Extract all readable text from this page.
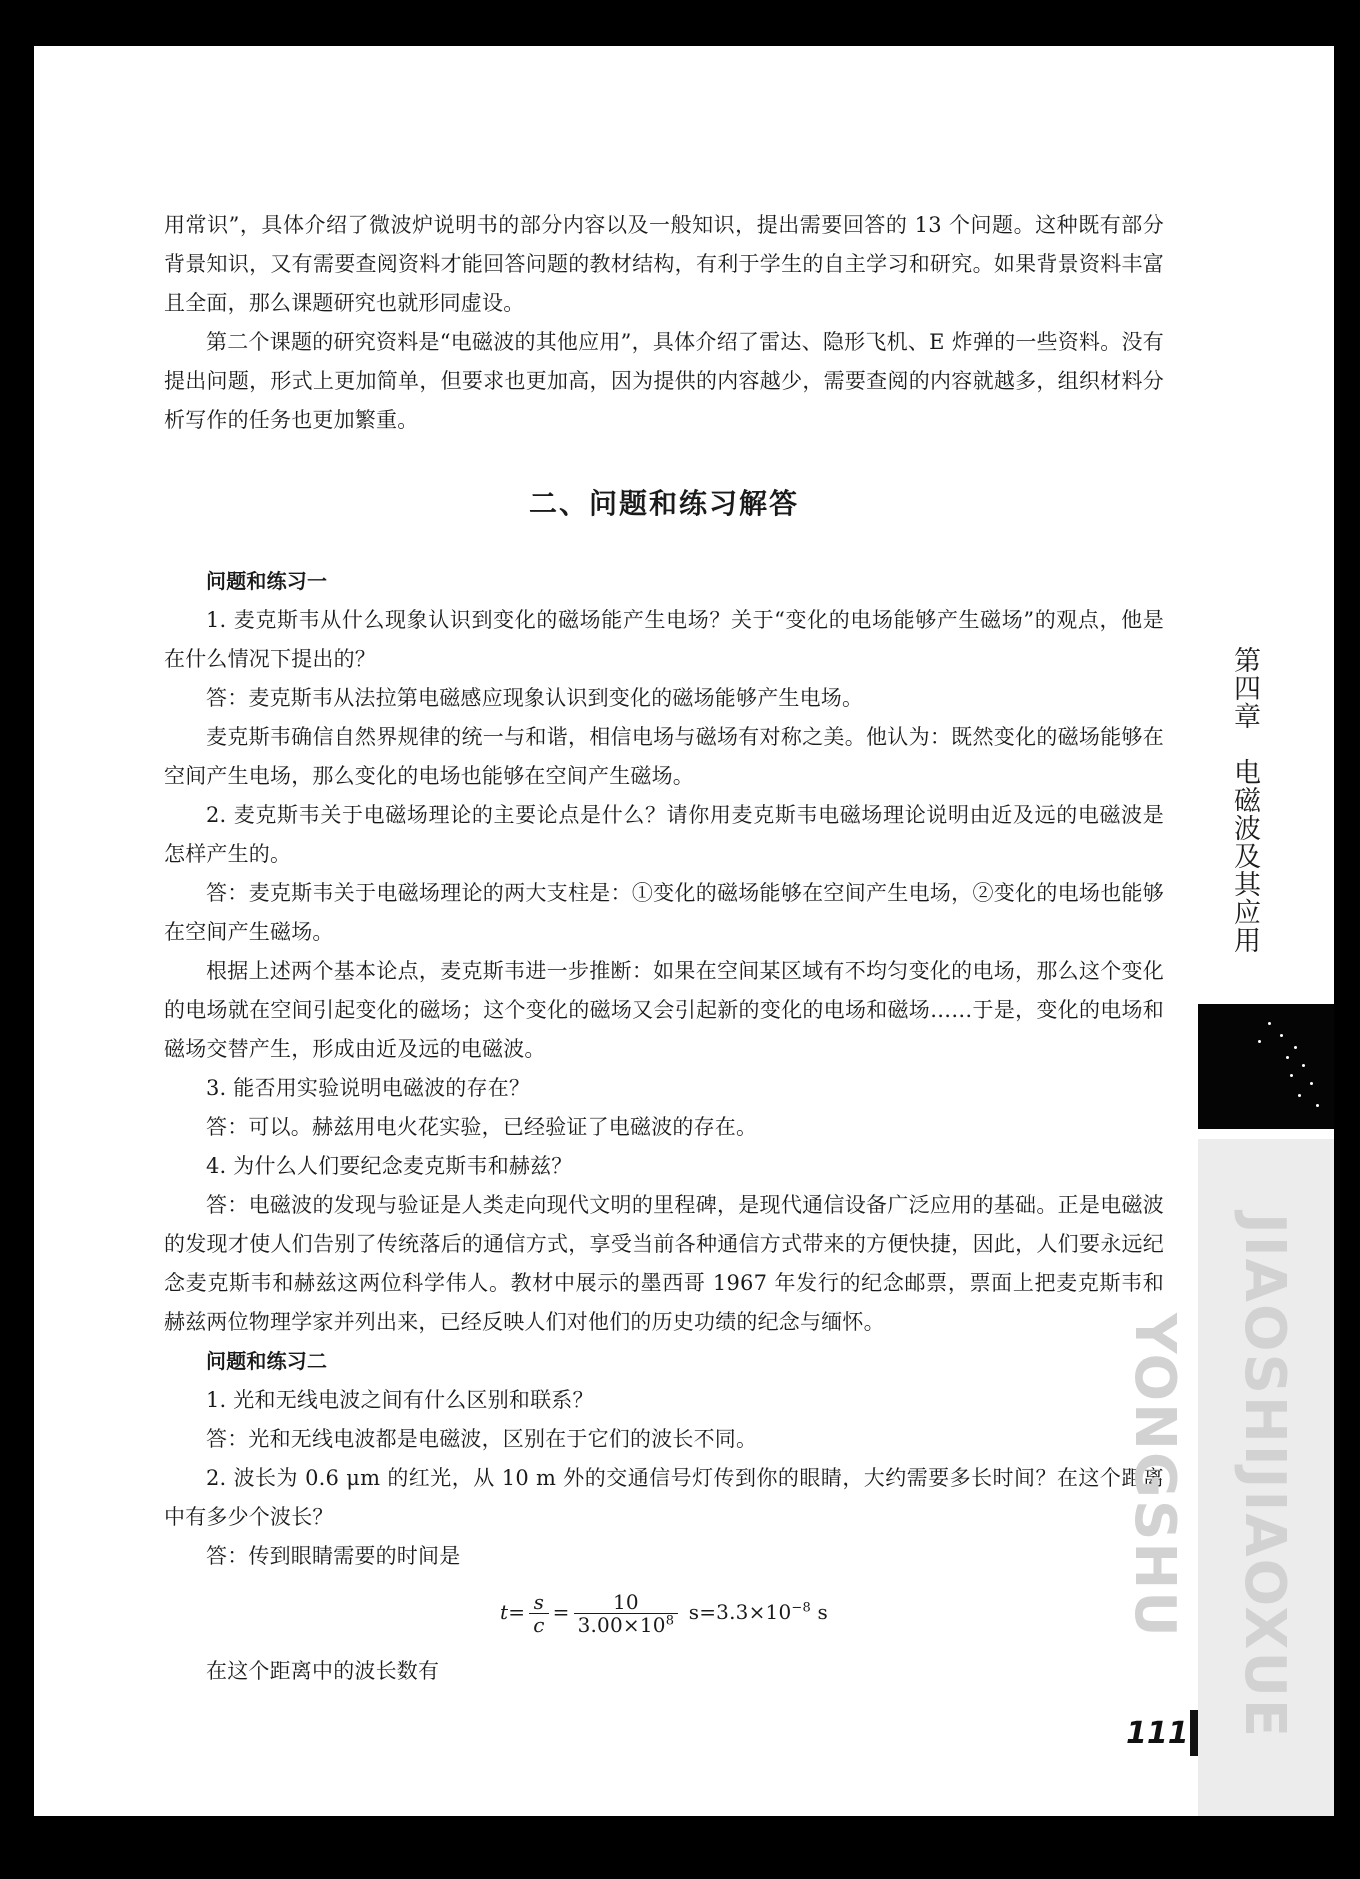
用常识”，具体介绍了微波炉说明书的部分内容以及一般知识，提出需要回答的 13 个问题。这种既有部分背景知识，又有需要查阅资料才能回答问题的教材结构，有利于学生的自主学习和研究。如果背景资料丰富且全面，那么课题研究也就形同虚设。

第二个课题的研究资料是“电磁波的其他应用”，具体介绍了雷达、隐形飞机、E 炸弹的一些资料。没有提出问题，形式上更加简单，但要求也更加高，因为提供的内容越少，需要查阅的内容就越多，组织材料分析写作的任务也更加繁重。

二、问题和练习解答
问题和练习一

1. 麦克斯韦从什么现象认识到变化的磁场能产生电场？关于“变化的电场能够产生磁场”的观点，他是在什么情况下提出的？

答：麦克斯韦从法拉第电磁感应现象认识到变化的磁场能够产生电场。

麦克斯韦确信自然界规律的统一与和谐，相信电场与磁场有对称之美。他认为：既然变化的磁场能够在空间产生电场，那么变化的电场也能够在空间产生磁场。

2. 麦克斯韦关于电磁场理论的主要论点是什么？请你用麦克斯韦电磁场理论说明由近及远的电磁波是怎样产生的。

答：麦克斯韦关于电磁场理论的两大支柱是：①变化的磁场能够在空间产生电场，②变化的电场也能够在空间产生磁场。

根据上述两个基本论点，麦克斯韦进一步推断：如果在空间某区域有不均匀变化的电场，那么这个变化的电场就在空间引起变化的磁场；这个变化的磁场又会引起新的变化的电场和磁场……于是，变化的电场和磁场交替产生，形成由近及远的电磁波。

3. 能否用实验说明电磁波的存在？

答：可以。赫兹用电火花实验，已经验证了电磁波的存在。

4. 为什么人们要纪念麦克斯韦和赫兹？

答：电磁波的发现与验证是人类走向现代文明的里程碑，是现代通信设备广泛应用的基础。正是电磁波的发现才使人们告别了传统落后的通信方式，享受当前各种通信方式带来的方便快捷，因此，人们要永远纪念麦克斯韦和赫兹这两位科学伟人。教材中展示的墨西哥 1967 年发行的纪念邮票，票面上把麦克斯韦和赫兹两位物理学家并列出来，已经反映人们对他们的历史功绩的纪念与缅怀。

问题和练习二

1. 光和无线电波之间有什么区别和联系？

答：光和无线电波都是电磁波，区别在于它们的波长不同。

2. 波长为 0.6 μm 的红光，从 10 m 外的交通信号灯传到你的眼睛，大约需要多长时间？在这个距离中有多少个波长？

答：传到眼睛需要的时间是

$t= \frac{s}{c} = \frac{10}{3.00\times 10^8} s=3.3\times 10^{-8}$ s

在这个距离中的波长数有

第四章　电磁波及其应用
JIAOSHIJIAOXUE YONGSHU
111
